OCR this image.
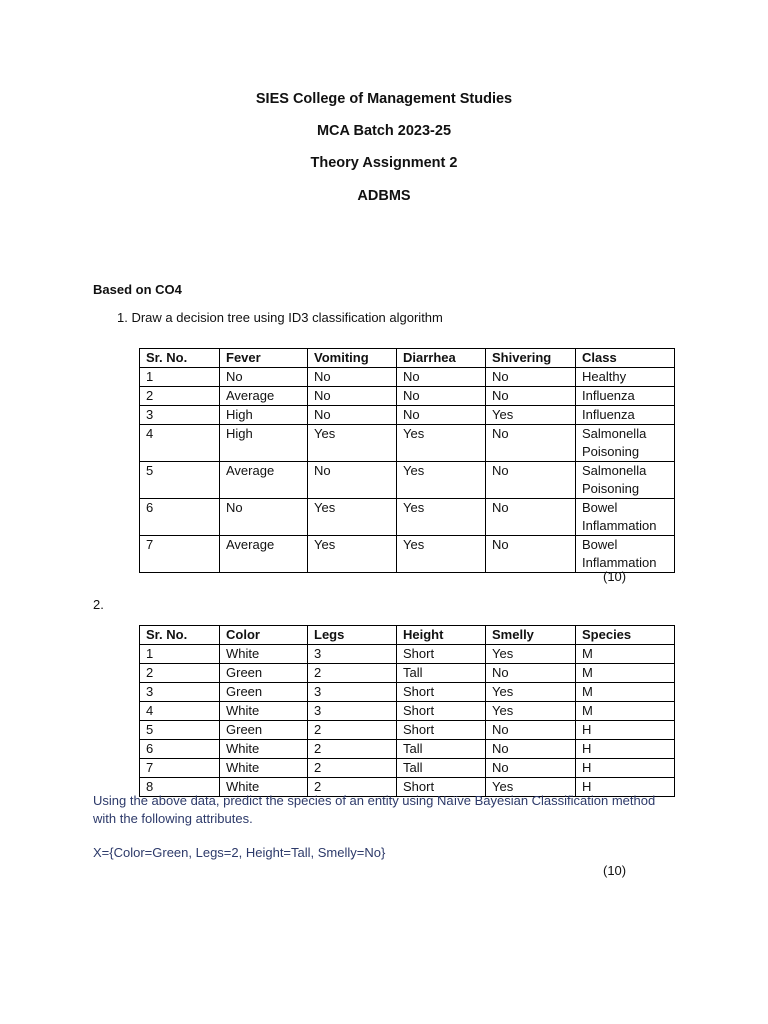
SIES College of Management Studies
MCA Batch 2023-25
Theory Assignment 2
ADBMS
Based on CO4
1. Draw a decision tree using ID3 classification algorithm
Sr. No.	Fever	Vomiting	Diarrhea	Shivering	Class
1	No	No	No	No	Healthy
2	Average	No	No	No	Influenza
3	High	No	No	Yes	Influenza
4	High	Yes	Yes	No	Salmonella Poisoning
5	Average	No	Yes	No	Salmonella Poisoning
6	No	Yes	Yes	No	Bowel Inflammation
7	Average	Yes	Yes	No	Bowel Inflammation
(10)
2.
Sr. No.	Color	Legs	Height	Smelly	Species
1	White	3	Short	Yes	M
2	Green	2	Tall	No	M
3	Green	3	Short	Yes	M
4	White	3	Short	Yes	M
5	Green	2	Short	No	H
6	White	2	Tall	No	H
7	White	2	Tall	No	H
8	White	2	Short	Yes	H
Using the above data, predict the species of an entity using Naïve Bayesian Classification method with the following attributes.
X={Color=Green, Legs=2, Height=Tall, Smelly=No}
(10)
